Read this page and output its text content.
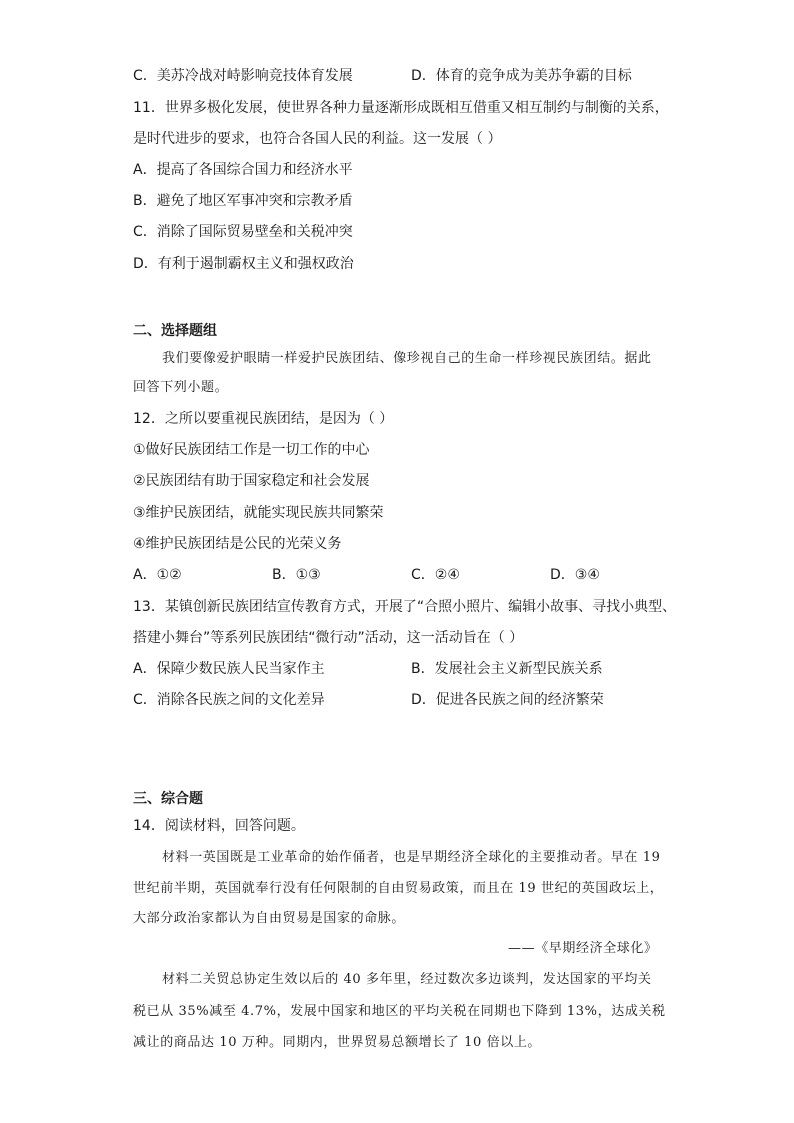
C．美苏冷战对峙影响竞技体育发展	D．体育的竞争成为美苏争霸的目标
11．世界多极化发展，使世界各种力量逐渐形成既相互借重又相互制约与制衡的关系，
是时代进步的要求，也符合各国人民的利益。这一发展（ ）
A．提高了各国综合国力和经济水平
B．避免了地区军事冲突和宗教矛盾
C．消除了国际贸易壁垒和关税冲突
D．有利于遏制霸权主义和强权政治
二、选择题组
我们要像爱护眼睛一样爱护民族团结、像珍视自己的生命一样珍视民族团结。据此
回答下列小题。
12．之所以要重视民族团结，是因为（ ）
①做好民族团结工作是一切工作的中心
②民族团结有助于国家稳定和社会发展
③维护民族团结，就能实现民族共同繁荣
④维护民族团结是公民的光荣义务
A．①②	B．①③	C．②④	D．③④
13．某镇创新民族团结宣传教育方式，开展了“合照小照片、编辑小故事、寻找小典型、
搭建小舞台”等系列民族团结“微行动”活动，这一活动旨在（ ）
A．保障少数民族人民当家作主	B．发展社会主义新型民族关系
C．消除各民族之间的文化差异	D．促进各民族之间的经济繁荣
三、综合题
14．阅读材料，回答问题。
材料一英国既是工业革命的始作俑者，也是早期经济全球化的主要推动者。早在 19
世纪前半期，英国就奉行没有任何限制的自由贸易政策，而且在 19 世纪的英国政坛上，
大部分政治家都认为自由贸易是国家的命脉。
——《早期经济全球化》
材料二关贸总协定生效以后的 40 多年里，经过数次多边谈判，发达国家的平均关
税已从 35%减至 4.7%，发展中国家和地区的平均关税在同期也下降到 13%，达成关税
减让的商品达 10 万种。同期内，世界贸易总额增长了 10 倍以上。
